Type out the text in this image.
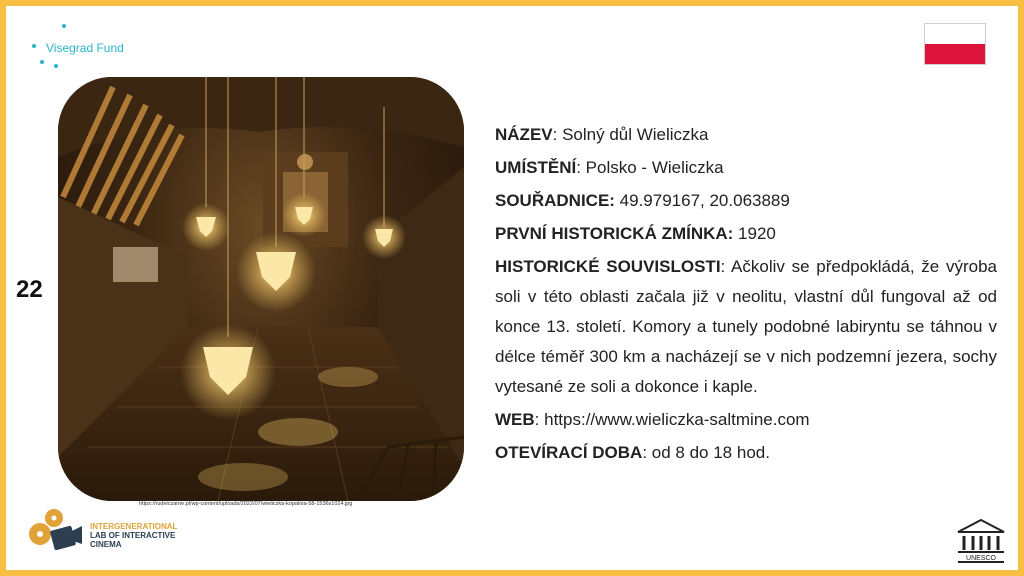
Visegrad Fund
https://rudeiczarne.pl/wp-content/uploads/2022/07/wieliczka-kopalnia-58-1536x1024.jpg
22

NÁZEV: Solný důl Wieliczka

UMÍSTĚNÍ: Polsko - Wieliczka

SOUŘADNICE: 49.979167, 20.063889

PRVNÍ HISTORICKÁ ZMÍNKA: 1920

HISTORICKÉ SOUVISLOSTI: Ačkoliv se předpokládá, že výroba soli v této oblasti začala již v neolitu, vlastní důl fungoval až od konce 13. století. Komory a tunely podobné labiryntu se táhnou v délce téměř 300 km a nacházejí se v nich podzemní jezera, sochy vytesané ze soli a dokonce i kaple.

WEB: https://www.wieliczka-saltmine.com

OTEVÍRACÍ DOBA: od 8 do 18 hod.

INTERGENERATIONAL
LAB OF INTERACTIVE
CINEMA
UNESCO
